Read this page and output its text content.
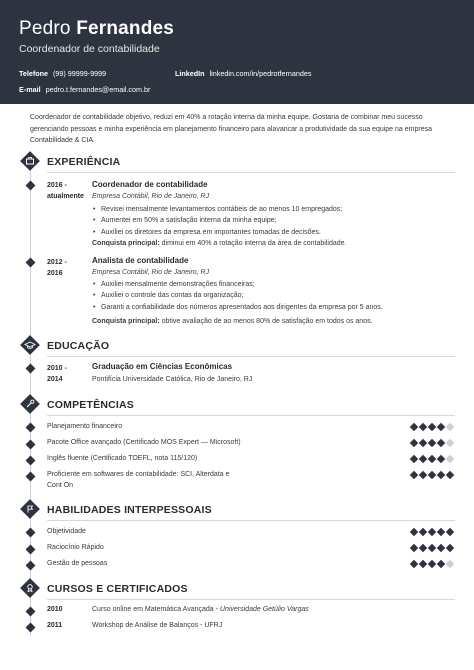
Pedro Fernandes
Coordenador de contabilidade
Telefone (99) 99999-9999	LinkedIn linkedin.com/in/pedrotfernandes
E-mail pedro.t.fernandes@email.com.br
Coordenador de contabilidade objetivo, reduzi em 40% a rotação interna da minha equipe. Gostaria de combinar meu sucesso gerenciando pessoas e minha experiência em planejamento financeiro para alavancar a produtividade da sua equipe na empresa Contabilidade & CIA.
EXPERIÊNCIA
2016 -
atualmente
Coordenador de contabilidade
Empresa Contábil, Rio de Janeiro, RJ
• Revisei mensalmente levantamentos contábeis de ao menos 10 empregados;
• Aumentei em 50% a satisfação interna da minha equipe;
• Auxiliei os diretores da empresa em importantes tomadas de decisões.
Conquista principal: diminui em 40% a rotação interna da área de contabilidade.
2012 -
2016
Analista de contabilidade
Empresa Contábil, Rio de Janeiro, RJ
• Auxiliei mensalmente demonstrações financeiras;
• Auxiliei o controle das contas da organização;
• Garanti a confiabilidade dos números apresentados aos dirigentes da empresa por 5 anos.
Conquista principal: obtive avaliação de ao menos 80% de satisfação em todos os anos.
EDUCAÇÃO
2010 -
2014
Graduação em Ciências Econômicas
Pontifícia Universidade Católica, Rio de Janeiro, RJ
COMPETÊNCIAS
Planejamento financeiro
Pacote Office avançado (Certificado MOS Expert — Microsoft)
Inglês fluente (Certificado TOEFL, nota 115/120)
Proficiente em softwares de contabilidade: SCI, Alterdata e
Cont On
HABILIDADES INTERPESSOAIS
Objetividade
Raciocínio Rápido
Gestão de pessoas
CURSOS E CERTIFICADOS
2010	Curso online em Matemática Avançada - Universidade Getúlio Vargas
2011	Workshop de Análise de Balanços - UFRJ
